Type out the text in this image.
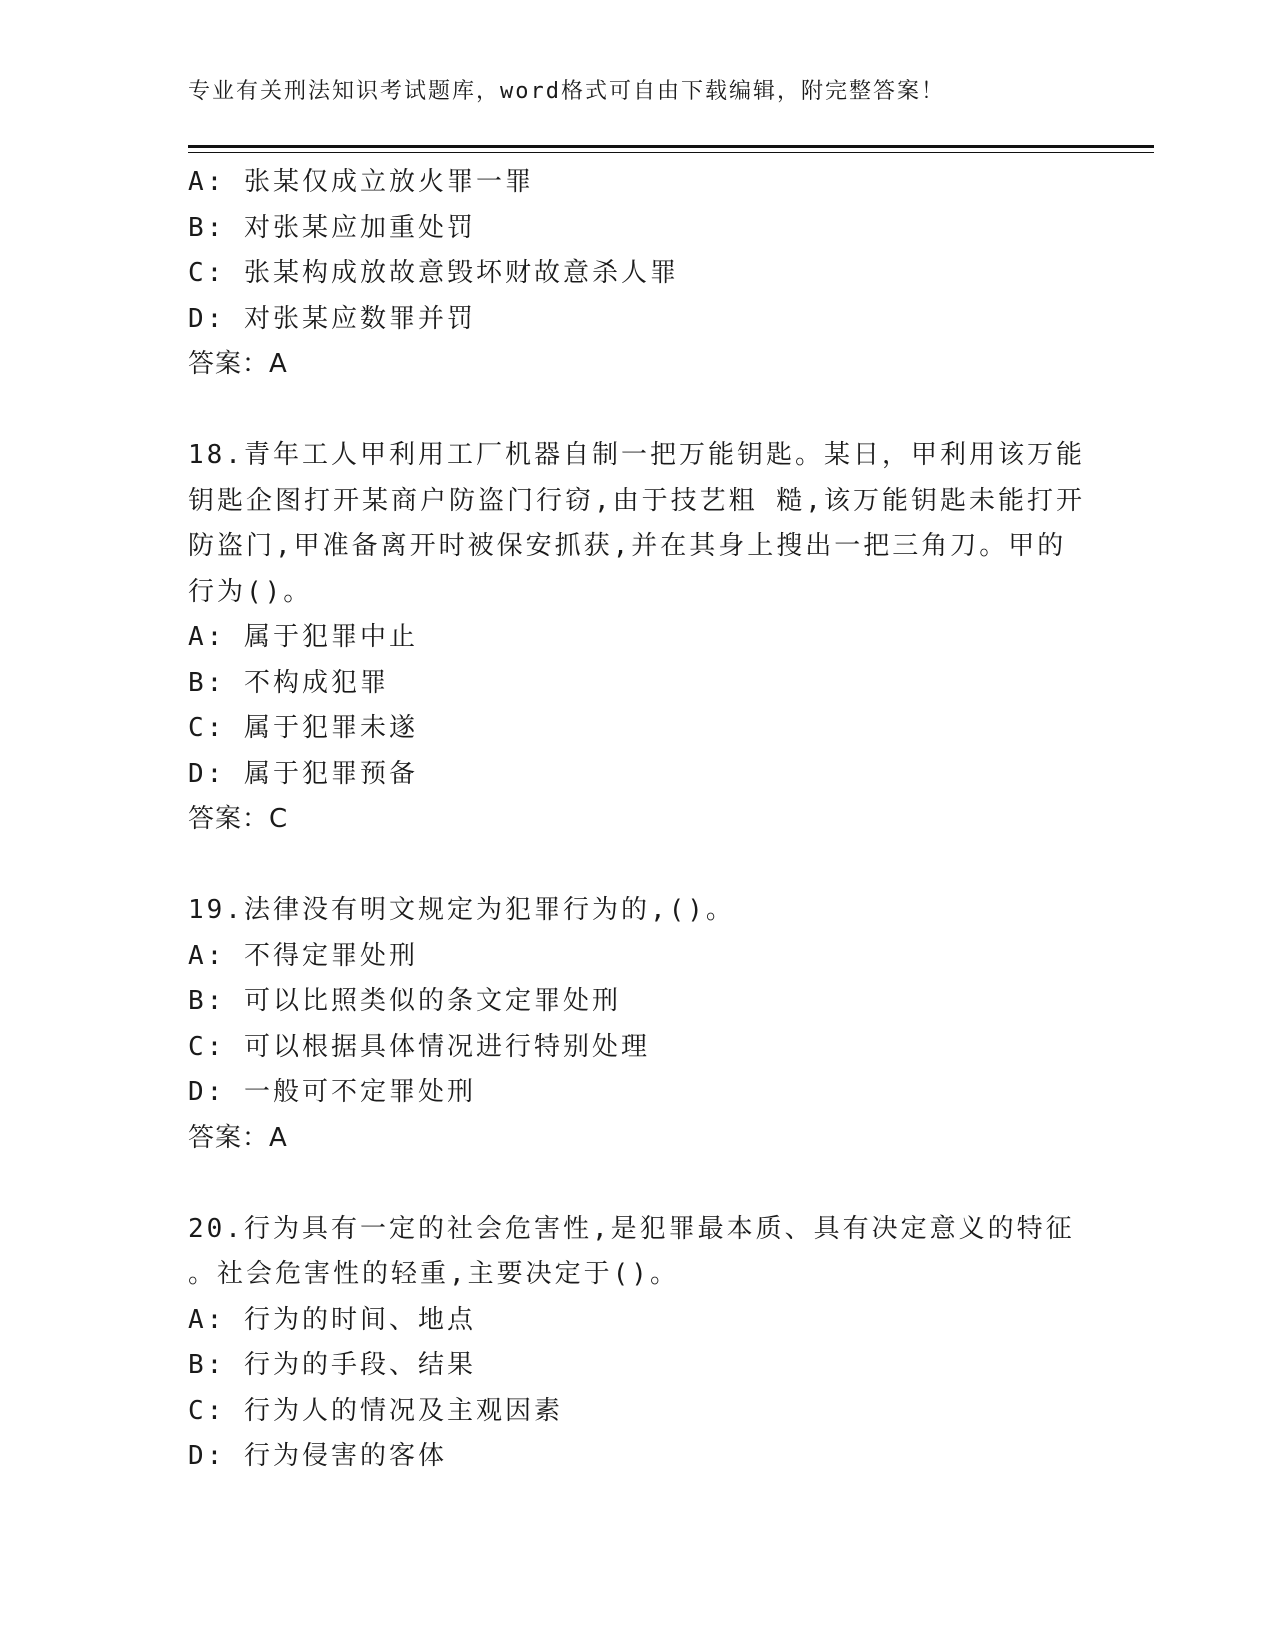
专业有关刑法知识考试题库，word格式可自由下载编辑，附完整答案！
A: 张某仅成立放火罪一罪
B: 对张某应加重处罚
C: 张某构成放故意毁坏财故意杀人罪
D: 对张某应数罪并罚
答案：A
18.青年工人甲利用工厂机器自制一把万能钥匙。某日，甲利用该万能
钥匙企图打开某商户防盗门行窃,由于技艺粗 糙,该万能钥匙未能打开
防盗门,甲准备离开时被保安抓获,并在其身上搜出一把三角刀。甲的
行为()。
A: 属于犯罪中止
B: 不构成犯罪
C: 属于犯罪未遂
D: 属于犯罪预备
答案：C
19.法律没有明文规定为犯罪行为的,()。
A: 不得定罪处刑
B: 可以比照类似的条文定罪处刑
C: 可以根据具体情况进行特别处理
D: 一般可不定罪处刑
答案：A
20.行为具有一定的社会危害性,是犯罪最本质、具有决定意义的特征
。社会危害性的轻重,主要决定于()。
A: 行为的时间、地点
B: 行为的手段、结果
C: 行为人的情况及主观因素
D: 行为侵害的客体
